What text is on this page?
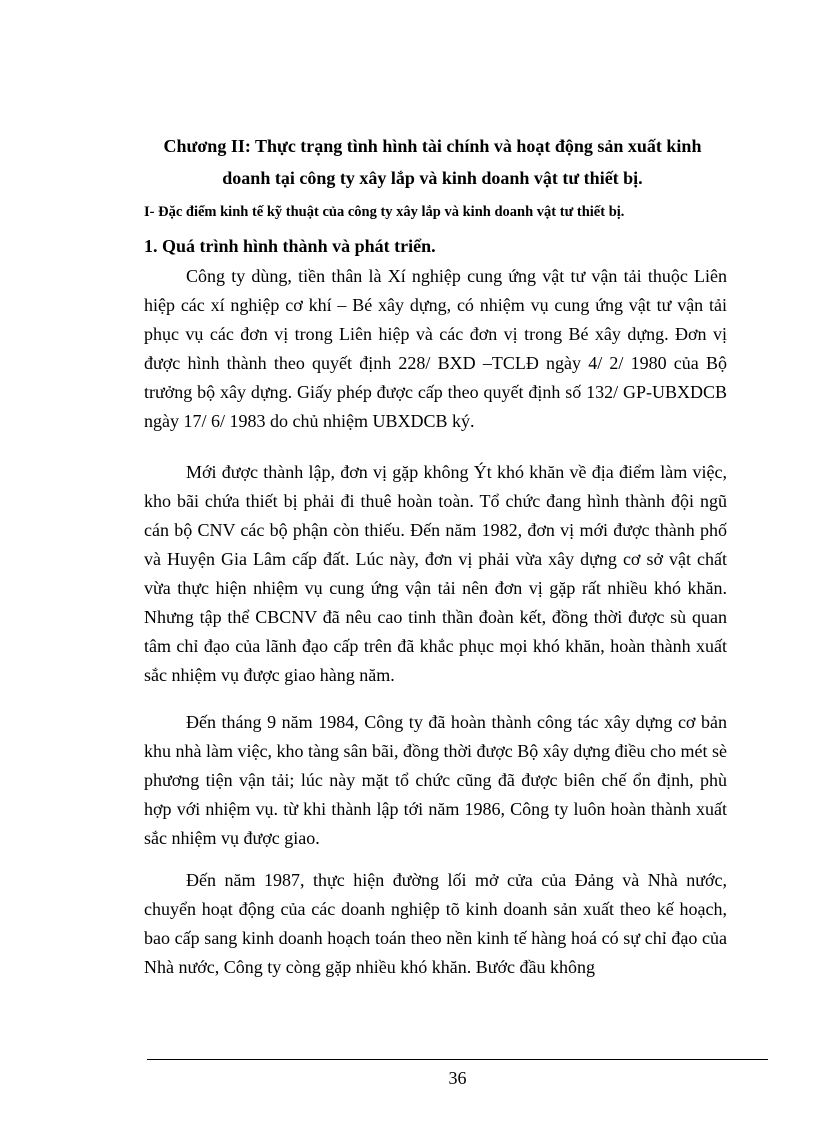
Chương II: Thực trạng tình hình tài chính và hoạt động sản xuất kinh doanh tại công ty xây lắp và kinh doanh vật tư thiết bị.
I- Đặc điểm kinh tế kỹ thuật của công ty xây lắp và kinh doanh vật tư thiết bị.
1. Quá trình hình thành và phát triển.

Công ty dùng, tiền thân là Xí nghiệp cung ứng vật tư vận tải thuộc Liên hiệp các xí nghiệp cơ khí – Bé xây dựng, có nhiệm vụ cung ứng vật tư vận tải phục vụ các đơn vị trong Liên hiệp và các đơn vị trong Bé xây dựng. Đơn vị được hình thành theo quyết định 228/ BXD –TCLĐ ngày 4/ 2/ 1980 của Bộ trưởng bộ xây dựng. Giấy phép được cấp theo quyết định số 132/ GP-UBXDCB ngày 17/ 6/ 1983 do chủ nhiệm UBXDCB ký.

Mới được thành lập, đơn vị gặp không Ýt khó khăn về địa điểm làm việc, kho bãi chứa thiết bị phải đi thuê hoàn toàn. Tổ chức đang hình thành đội ngũ cán bộ CNV các bộ phận còn thiếu. Đến năm 1982, đơn vị mới được thành phố và Huyện Gia Lâm cấp đất. Lúc này, đơn vị phải vừa xây dựng cơ sở vật chất vừa thực hiện nhiệm vụ cung ứng vận tải nên đơn vị gặp rất nhiều khó khăn. Nhưng tập thể CBCNV đã nêu cao tinh thần đoàn kết, đồng thời được sù quan tâm chỉ đạo của lãnh đạo cấp trên đã khắc phục mọi khó khăn, hoàn thành xuất sắc nhiệm vụ được giao hàng năm.

Đến tháng 9 năm 1984, Công ty đã hoàn thành công tác xây dựng cơ bản khu nhà làm việc, kho tàng sân bãi, đồng thời được Bộ xây dựng điều cho mét sè phương tiện vận tải; lúc này mặt tổ chức cũng đã được biên chế ổn định, phù hợp với nhiệm vụ. từ khi thành lập tới năm 1986, Công ty luôn hoàn thành xuất sắc nhiệm vụ được giao.

Đến năm 1987, thực hiện đường lối mở cửa của Đảng và Nhà nước, chuyển hoạt động của các doanh nghiệp tõ kinh doanh sản xuất theo kế hoạch, bao cấp sang kinh doanh hoạch toán theo nền kinh tế hàng hoá có sự chỉ đạo của Nhà nước, Công ty còng gặp nhiều khó khăn. Bước đầu không

36
